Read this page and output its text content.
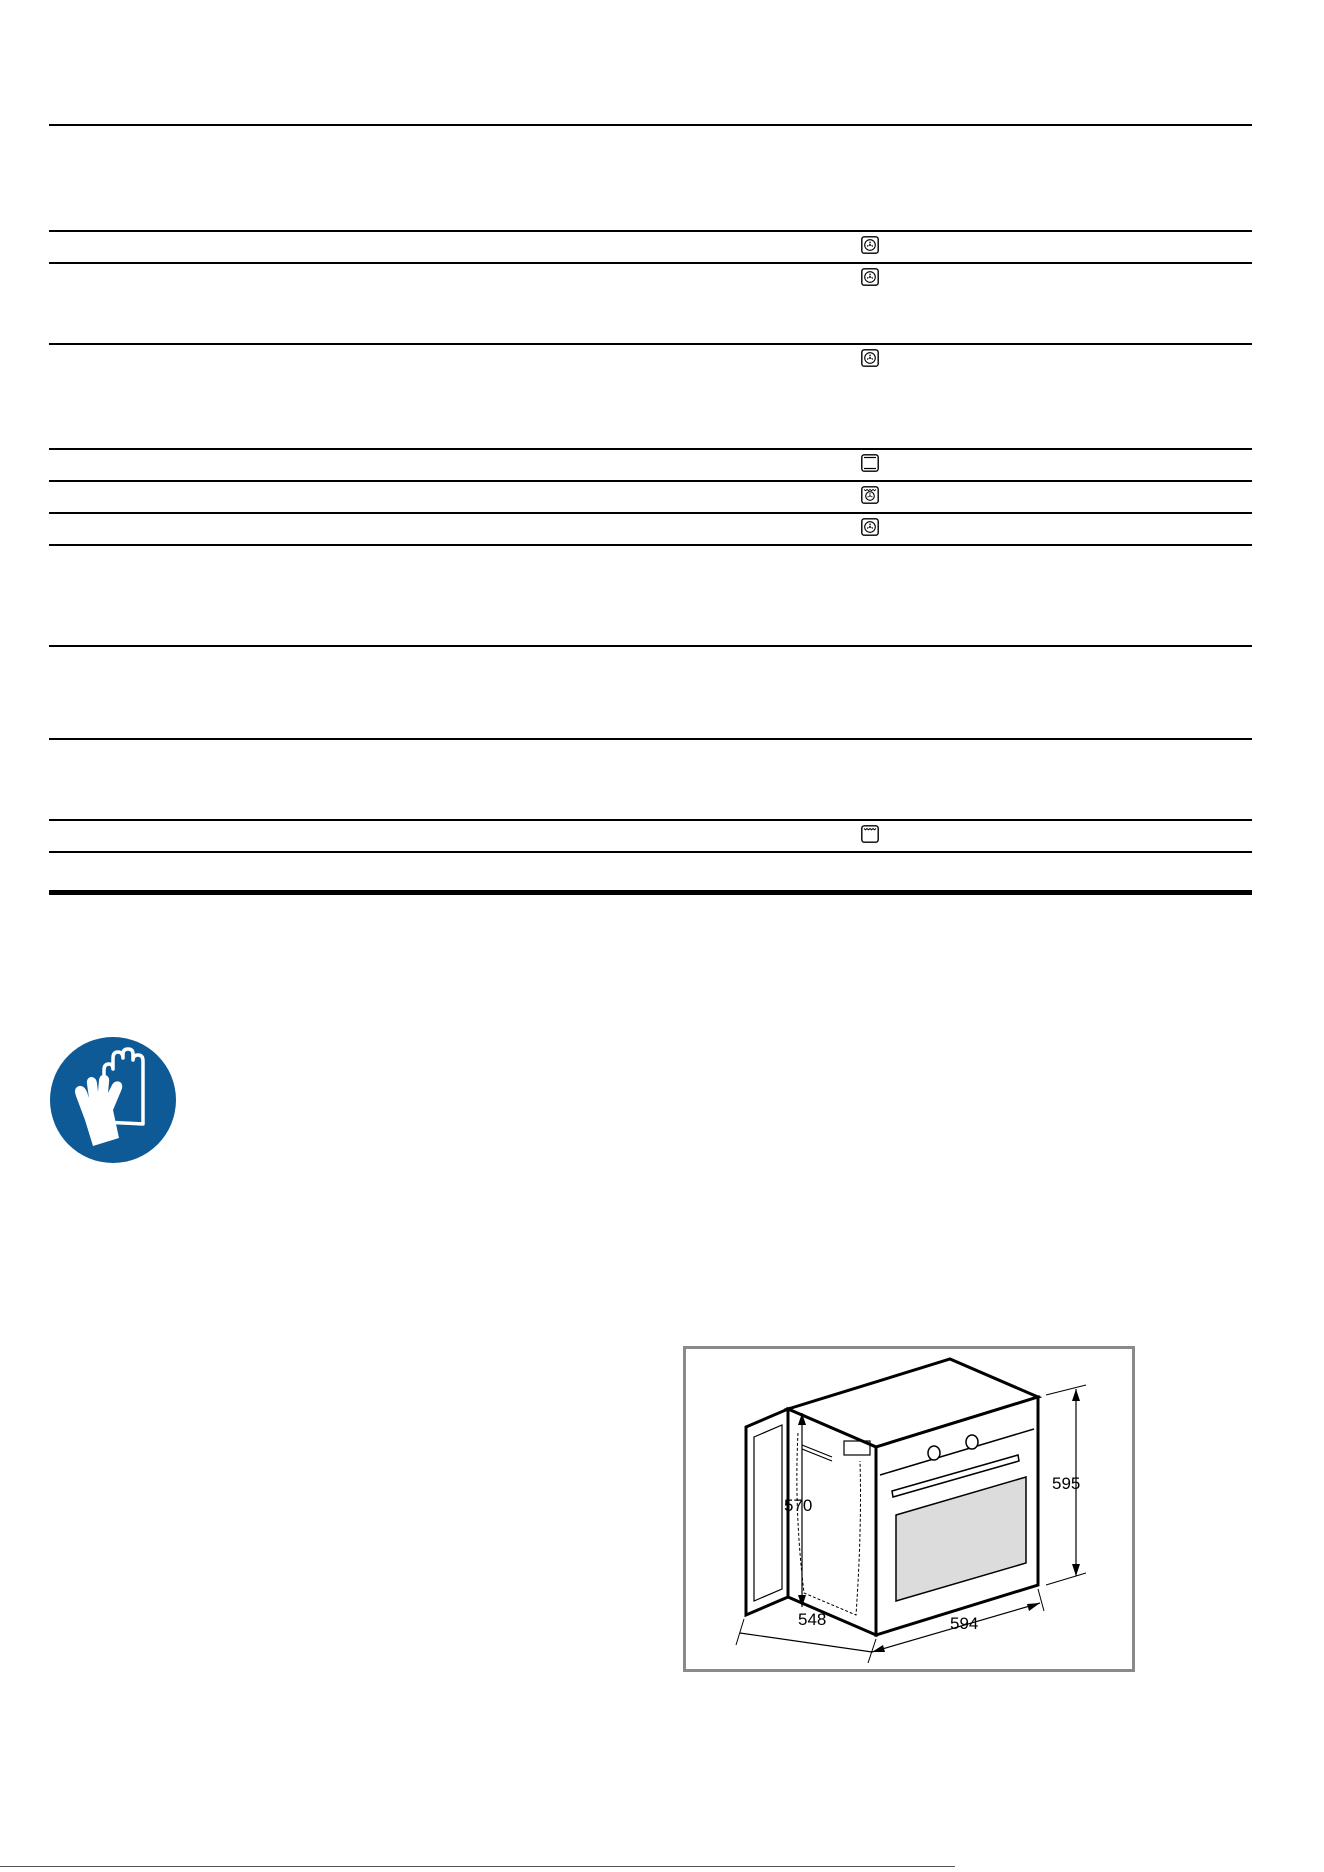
595
570
548	594
